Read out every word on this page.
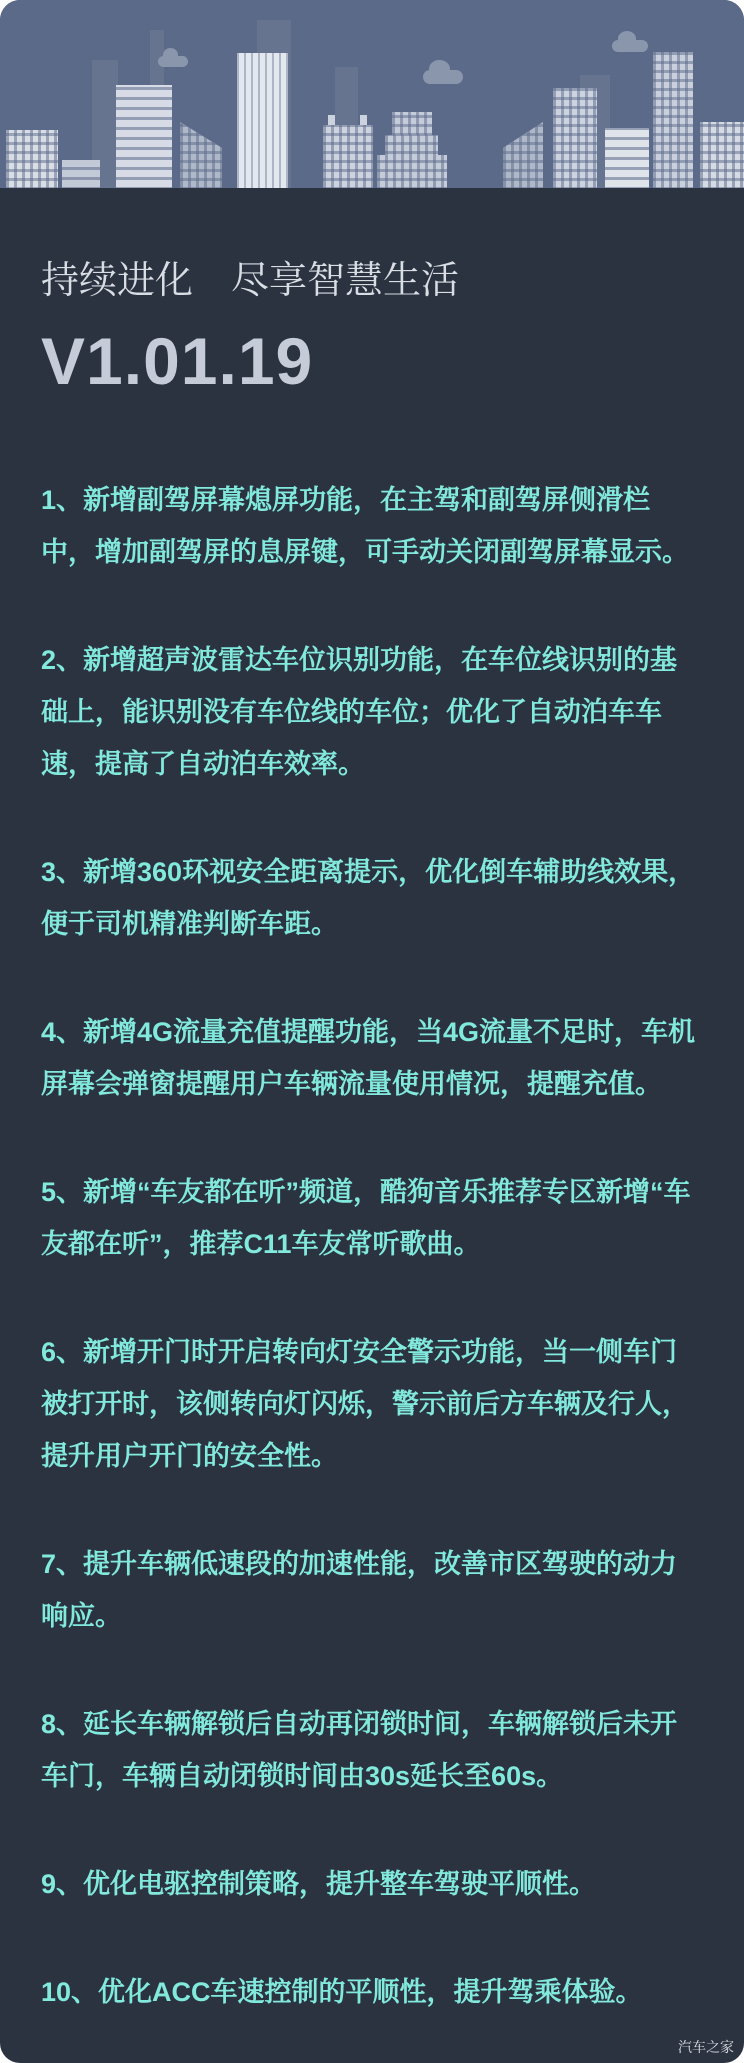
持续进化　尽享智慧生活
V1.01.19

1、新增副驾屏幕熄屏功能，在主驾和副驾屏侧滑栏中，增加副驾屏的息屏键，可手动关闭副驾屏幕显示。

2、新增超声波雷达车位识别功能，在车位线识别的基础上，能识别没有车位线的车位；优化了自动泊车车速，提高了自动泊车效率。

3、新增360环视安全距离提示，优化倒车辅助线效果，便于司机精准判断车距。

4、新增4G流量充值提醒功能，当4G流量不足时，车机屏幕会弹窗提醒用户车辆流量使用情况，提醒充值。

5、新增“车友都在听”频道，酷狗音乐推荐专区新增“车友都在听”，推荐C11车友常听歌曲。

6、新增开门时开启转向灯安全警示功能，当一侧车门被打开时，该侧转向灯闪烁，警示前后方车辆及行人，提升用户开门的安全性。

7、提升车辆低速段的加速性能，改善市区驾驶的动力响应。

8、延长车辆解锁后自动再闭锁时间，车辆解锁后未开车门，车辆自动闭锁时间由30s延长至60s。

9、优化电驱控制策略，提升整车驾驶平顺性。

10、优化ACC车速控制的平顺性，提升驾乘体验。

汽车之家
